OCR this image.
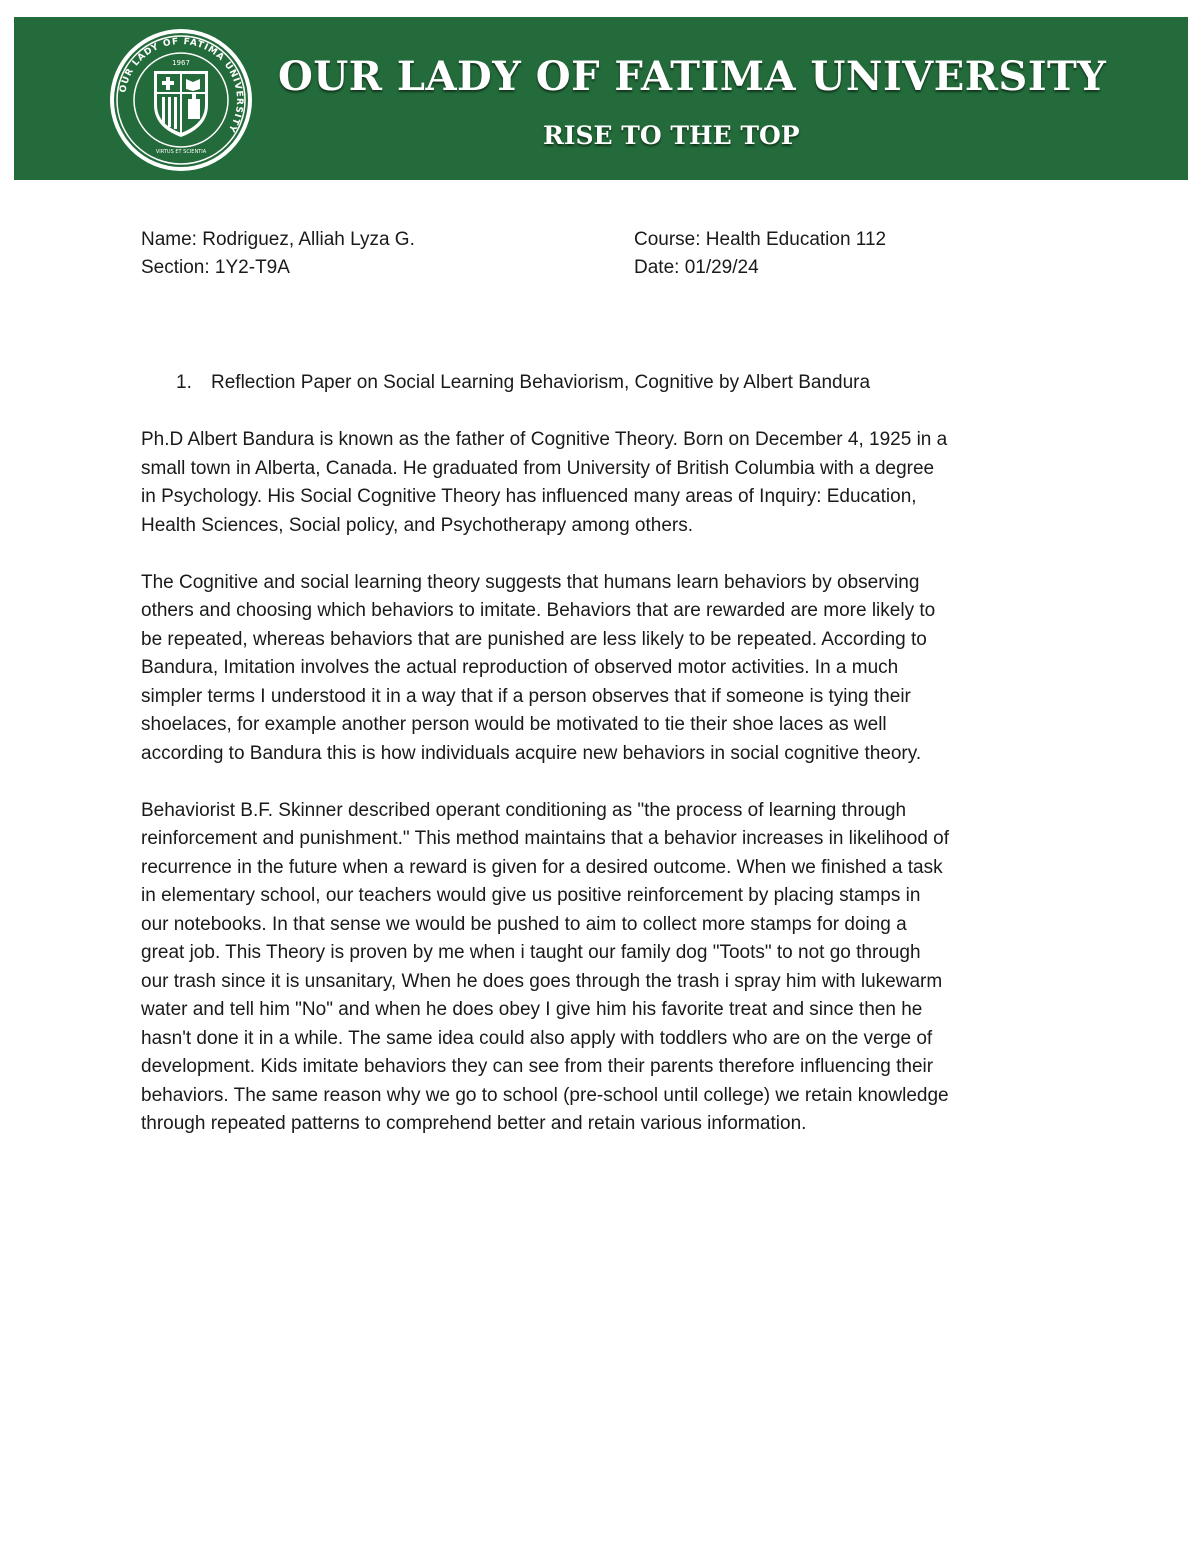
OUR LADY OF FATIMA UNIVERSITY
1967
VIRTUS ET SCIENTIA
OUR LADY OF FATIMA UNIVERSITY
RISE TO THE TOP
Name: Rodriguez, Alliah Lyza G.
Section: 1Y2-T9A
Course: Health Education 112
Date: 01/29/24
1. Reflection Paper on Social Learning Behaviorism, Cognitive by Albert Bandura
Ph.D Albert Bandura is known as the father of Cognitive Theory. Born on December 4, 1925 in a
small town in Alberta, Canada. He graduated from University of British Columbia with a degree
in Psychology. His Social Cognitive Theory has influenced many areas of Inquiry: Education,
Health Sciences, Social policy, and Psychotherapy among others.
The Cognitive and social learning theory suggests that humans learn behaviors by observing
others and choosing which behaviors to imitate. Behaviors that are rewarded are more likely to
be repeated, whereas behaviors that are punished are less likely to be repeated. According to
Bandura, Imitation involves the actual reproduction of observed motor activities. In a much
simpler terms I understood it in a way that if a person observes that if someone is tying their
shoelaces, for example another person would be motivated to tie their shoe laces as well
according to Bandura this is how individuals acquire new behaviors in social cognitive theory.
Behaviorist B.F. Skinner described operant conditioning as "the process of learning through
reinforcement and punishment." This method maintains that a behavior increases in likelihood of
recurrence in the future when a reward is given for a desired outcome. When we finished a task
in elementary school, our teachers would give us positive reinforcement by placing stamps in
our notebooks. In that sense we would be pushed to aim to collect more stamps for doing a
great job. This Theory is proven by me when i taught our family dog "Toots" to not go through
our trash since it is unsanitary, When he does goes through the trash i spray him with lukewarm
water and tell him "No" and when he does obey I give him his favorite treat and since then he
hasn't done it in a while. The same idea could also apply with toddlers who are on the verge of
development. Kids imitate behaviors they can see from their parents therefore influencing their
behaviors. The same reason why we go to school (pre-school until college) we retain knowledge
through repeated patterns to comprehend better and retain various information.
